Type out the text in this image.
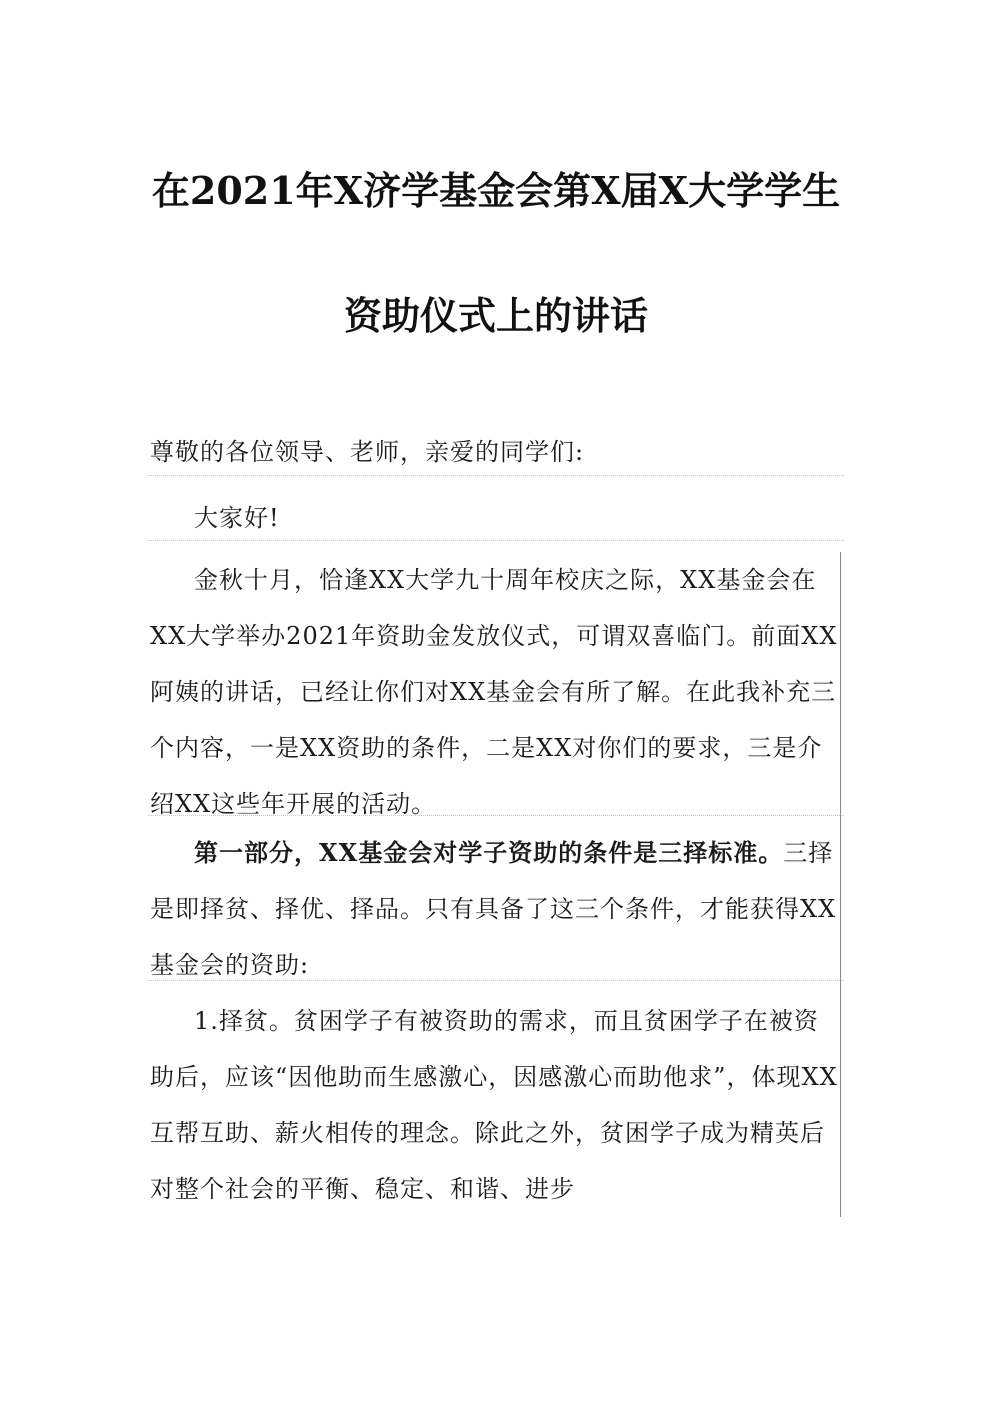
在2021年X济学基金会第X届X大学学生
资助仪式上的讲话
尊敬的各位领导、老师，亲爱的同学们:
大家好!
金秋十月，恰逢XX大学九十周年校庆之际，XX基金会在XX大学举办2021年资助金发放仪式，可谓双喜临门。前面XX阿姨的讲话，已经让你们对XX基金会有所了解。在此我补充三个内容，一是XX资助的条件，二是XX对你们的要求，三是介绍XX这些年开展的活动。
第一部分，XX基金会对学子资助的条件是三择标准。三择是即择贫、择优、择品。只有具备了这三个条件，才能获得XX基金会的资助:
1.择贫。贫困学子有被资助的需求，而且贫困学子在被资助后，应该“因他助而生感激心，因感激心而助他求”，体现XX互帮互助、薪火相传的理念。除此之外，贫困学子成为精英后对整个社会的平衡、稳定、和谐、进步
